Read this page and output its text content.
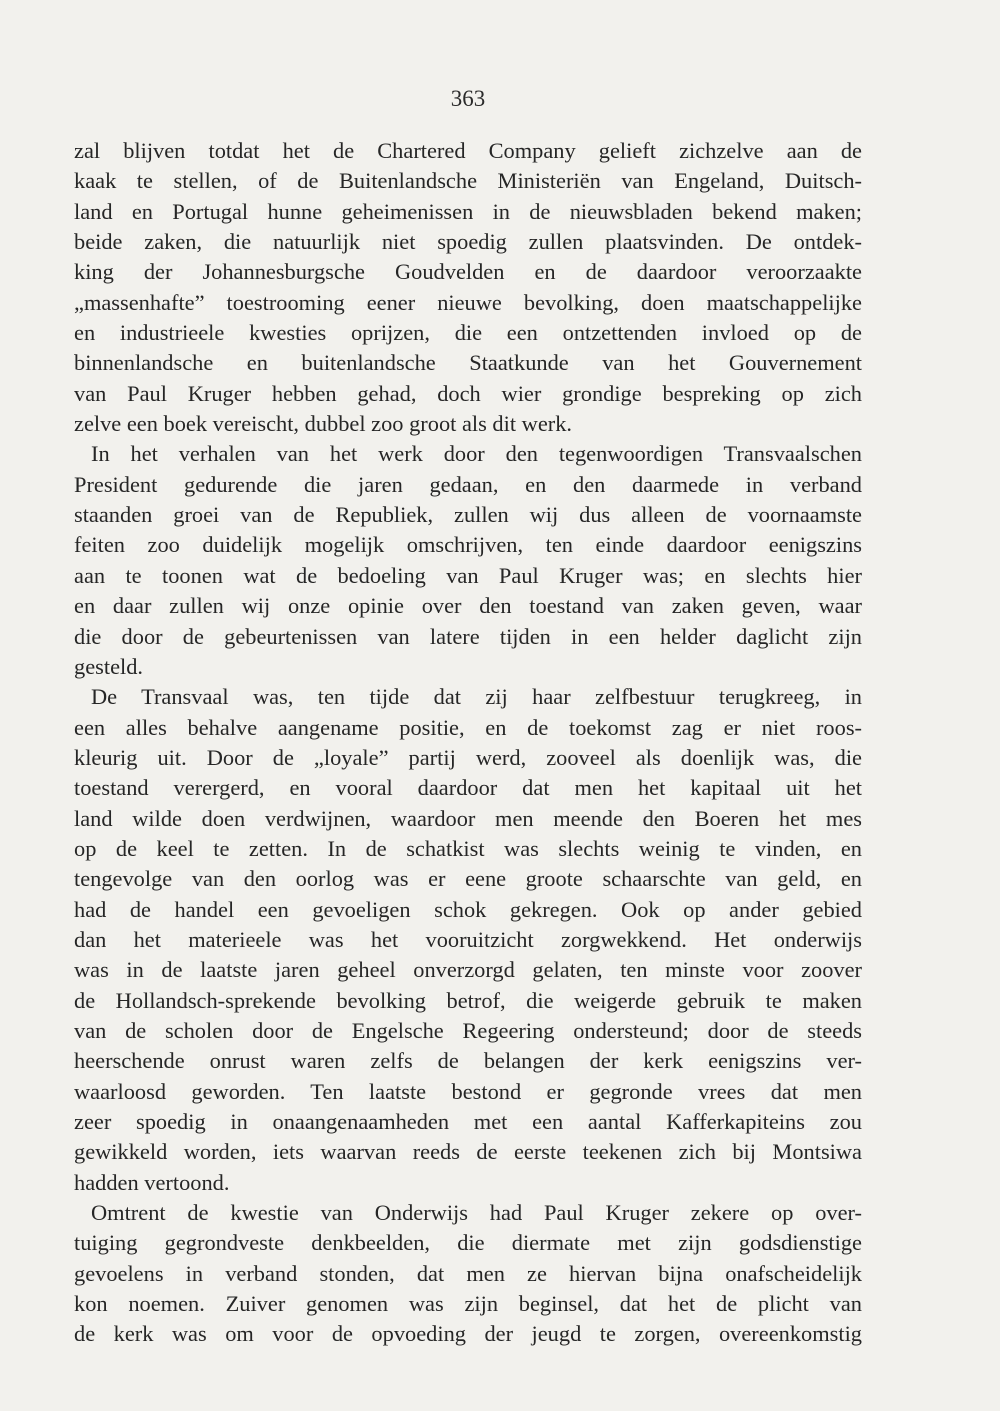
363
zal blijven totdat het de Chartered Company gelieft zichzelve aan de
kaak te stellen, of de Buitenlandsche Ministeriën van Engeland, Duitsch-
land en Portugal hunne geheimenissen in de nieuwsbladen bekend maken;
beide zaken, die natuurlijk niet spoedig zullen plaatsvinden. De ontdek-
king der Johannesburgsche Goudvelden en de daardoor veroorzaakte
„massenhafte” toestrooming eener nieuwe bevolking, doen maatschappelijke
en industrieele kwesties oprijzen, die een ontzettenden invloed op de
binnenlandsche en buitenlandsche Staatkunde van het Gouvernement
van Paul Kruger hebben gehad, doch wier grondige bespreking op zich
zelve een boek vereischt, dubbel zoo groot als dit werk.
In het verhalen van het werk door den tegenwoordigen Transvaalschen
President gedurende die jaren gedaan, en den daarmede in verband
staanden groei van de Republiek, zullen wij dus alleen de voornaamste
feiten zoo duidelijk mogelijk omschrijven, ten einde daardoor eenigszins
aan te toonen wat de bedoeling van Paul Kruger was; en slechts hier
en daar zullen wij onze opinie over den toestand van zaken geven, waar
die door de gebeurtenissen van latere tijden in een helder daglicht zijn
gesteld.
De Transvaal was, ten tijde dat zij haar zelfbestuur terugkreeg, in
een alles behalve aangename positie, en de toekomst zag er niet roos-
kleurig uit. Door de „loyale” partij werd, zooveel als doenlijk was, die
toestand verergerd, en vooral daardoor dat men het kapitaal uit het
land wilde doen verdwijnen, waardoor men meende den Boeren het mes
op de keel te zetten. In de schatkist was slechts weinig te vinden, en
tengevolge van den oorlog was er eene groote schaarschte van geld, en
had de handel een gevoeligen schok gekregen. Ook op ander gebied
dan het materieele was het vooruitzicht zorgwekkend. Het onderwijs
was in de laatste jaren geheel onverzorgd gelaten, ten minste voor zoover
de Hollandsch-sprekende bevolking betrof, die weigerde gebruik te maken
van de scholen door de Engelsche Regeering ondersteund; door de steeds
heerschende onrust waren zelfs de belangen der kerk eenigszins ver-
waarloosd geworden. Ten laatste bestond er gegronde vrees dat men
zeer spoedig in onaangenaamheden met een aantal Kafferkapiteins zou
gewikkeld worden, iets waarvan reeds de eerste teekenen zich bij Montsiwa
hadden vertoond.
Omtrent de kwestie van Onderwijs had Paul Kruger zekere op over-
tuiging gegrondveste denkbeelden, die diermate met zijn godsdienstige
gevoelens in verband stonden, dat men ze hiervan bijna onafscheidelijk
kon noemen. Zuiver genomen was zijn beginsel, dat het de plicht van
de kerk was om voor de opvoeding der jeugd te zorgen, overeenkomstig
